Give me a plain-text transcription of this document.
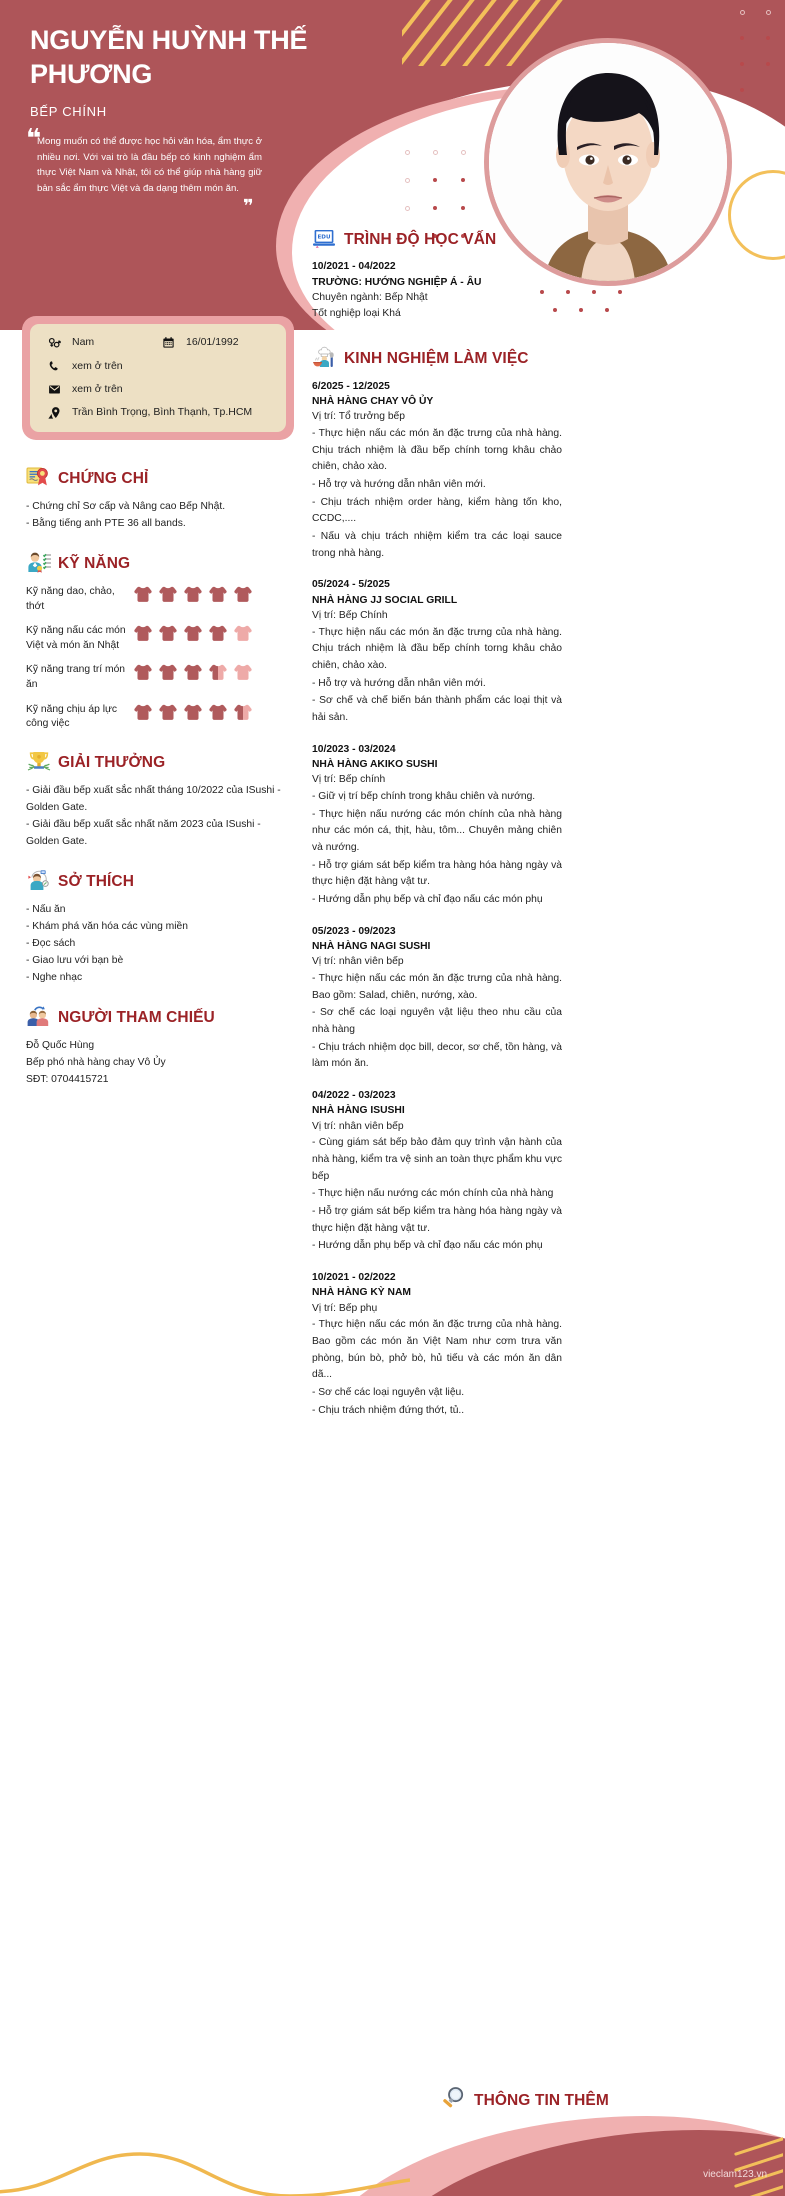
NGUYỄN HUỲNH THẾ PHƯƠNG
BẾP CHÍNH
❝
Mong muốn có thể được học hỏi văn hóa, ẩm thực ở nhiều nơi. Với vai trò là đầu bếp có kinh nghiệm ẩm thực Việt Nam và Nhật, tôi có thể giúp nhà hàng giữ bản sắc ẩm thực Việt và đa dạng thêm món ăn.
❞
Nam	16/01/1992
xem ở trên
xem ở trên
Trần Bình Trọng, Bình Thạnh, Tp.HCM
CHỨNG CHỈ
- Chứng chỉ Sơ cấp và Nâng cao Bếp Nhật.
- Bằng tiếng anh PTE 36 all bands.
KỸ NĂNG
Kỹ năng dao, chảo, thớt
Kỹ năng nấu các món Việt và món ăn Nhật
Kỹ năng trang trí món ăn
Kỹ năng chịu áp lực công việc
GIẢI THƯỞNG
- Giải đầu bếp xuất sắc nhất tháng 10/2022 của ISushi - Golden Gate.
- Giải đầu bếp xuất sắc nhất năm 2023 của ISushi - Golden Gate.
SỞ THÍCH
- Nấu ăn
- Khám phá văn hóa các vùng miền
- Đọc sách
- Giao lưu với bạn bè
- Nghe nhạc
NGƯỜI THAM CHIẾU
Đỗ Quốc Hùng
Bếp phó nhà hàng chay Vô Ủy
SĐT: 0704415721
EDU TRÌNH ĐỘ HỌC VẤN
10/2021 - 04/2022
TRƯỜNG: HƯỚNG NGHIỆP Á - ÂU
Chuyên ngành: Bếp Nhật
Tốt nghiệp loại Khá
KINH NGHIỆM LÀM VIỆC
6/2025 - 12/2025
NHÀ HÀNG CHAY VÔ ỦY
Vị trí: Tổ trưởng bếp
- Thực hiện nấu các món ăn đặc trưng của nhà hàng. Chịu trách nhiệm là đầu bếp chính torng khâu chảo chiên, chảo xào.
- Hỗ trợ và hướng dẫn nhân viên mới.
- Chịu trách nhiệm order hàng, kiểm hàng tốn kho, CCDC,....
- Nấu và chịu trách nhiệm kiểm tra các loại sauce trong nhà hàng.
05/2024 - 5/2025
NHÀ HÀNG JJ SOCIAL GRILL
Vị trí: Bếp Chính
- Thực hiện nấu các món ăn đặc trưng của nhà hàng. Chịu trách nhiệm là đầu bếp chính torng khâu chảo chiên, chảo xào.
- Hỗ trợ và hướng dẫn nhân viên mới.
- Sơ chế và chế biến bán thành phẩm các loại thịt và hải sản.
10/2023 - 03/2024
NHÀ HÀNG AKIKO SUSHI
Vị trí: Bếp chính
- Giữ vị trí bếp chính trong khâu chiên và nướng.
- Thực hiện nấu nướng các món chính của nhà hàng như các món cá, thịt, hàu, tôm... Chuyên mảng chiên và nướng.
- Hỗ trợ giám sát bếp kiểm tra hàng hóa hàng ngày và thực hiện đặt hàng vật tư.
- Hướng dẫn phụ bếp và chỉ đạo nấu các món phụ
05/2023 - 09/2023
NHÀ HÀNG NAGI SUSHI
Vị trí: nhân viên bếp
- Thực hiện nấu các món ăn đặc trưng của nhà hàng. Bao gồm: Salad, chiên, nướng, xào.
- Sơ chế các loại nguyên vật liệu theo nhu cầu của nhà hàng
- Chịu trách nhiệm dọc bill, decor, sơ chế, tồn hàng, và làm món ăn.
04/2022 - 03/2023
NHÀ HÀNG ISUSHI
Vị trí: nhân viên bếp
- Cùng giám sát bếp bảo đảm quy trình vận hành của nhà hàng, kiểm tra vệ sinh an toàn thực phẩm khu vực bếp
- Thực hiện nấu nướng các món chính của nhà hàng
- Hỗ trợ giám sát bếp kiểm tra hàng hóa hàng ngày và thực hiện đặt hàng vật tư.
- Hướng dẫn phụ bếp và chỉ đạo nấu các món phụ
10/2021 - 02/2022
NHÀ HÀNG KỲ NAM
Vị trí: Bếp phụ
- Thực hiện nấu các món ăn đặc trưng của nhà hàng. Bao gồm các món ăn Việt Nam như cơm trưa văn phòng, bún bò, phở bò, hủ tiếu và các món ăn dân dã...
- Sơ chế các loại nguyên vật liệu.
- Chịu trách nhiệm đứng thớt, tủ..
THÔNG TIN THÊM
vieclam123.vn
